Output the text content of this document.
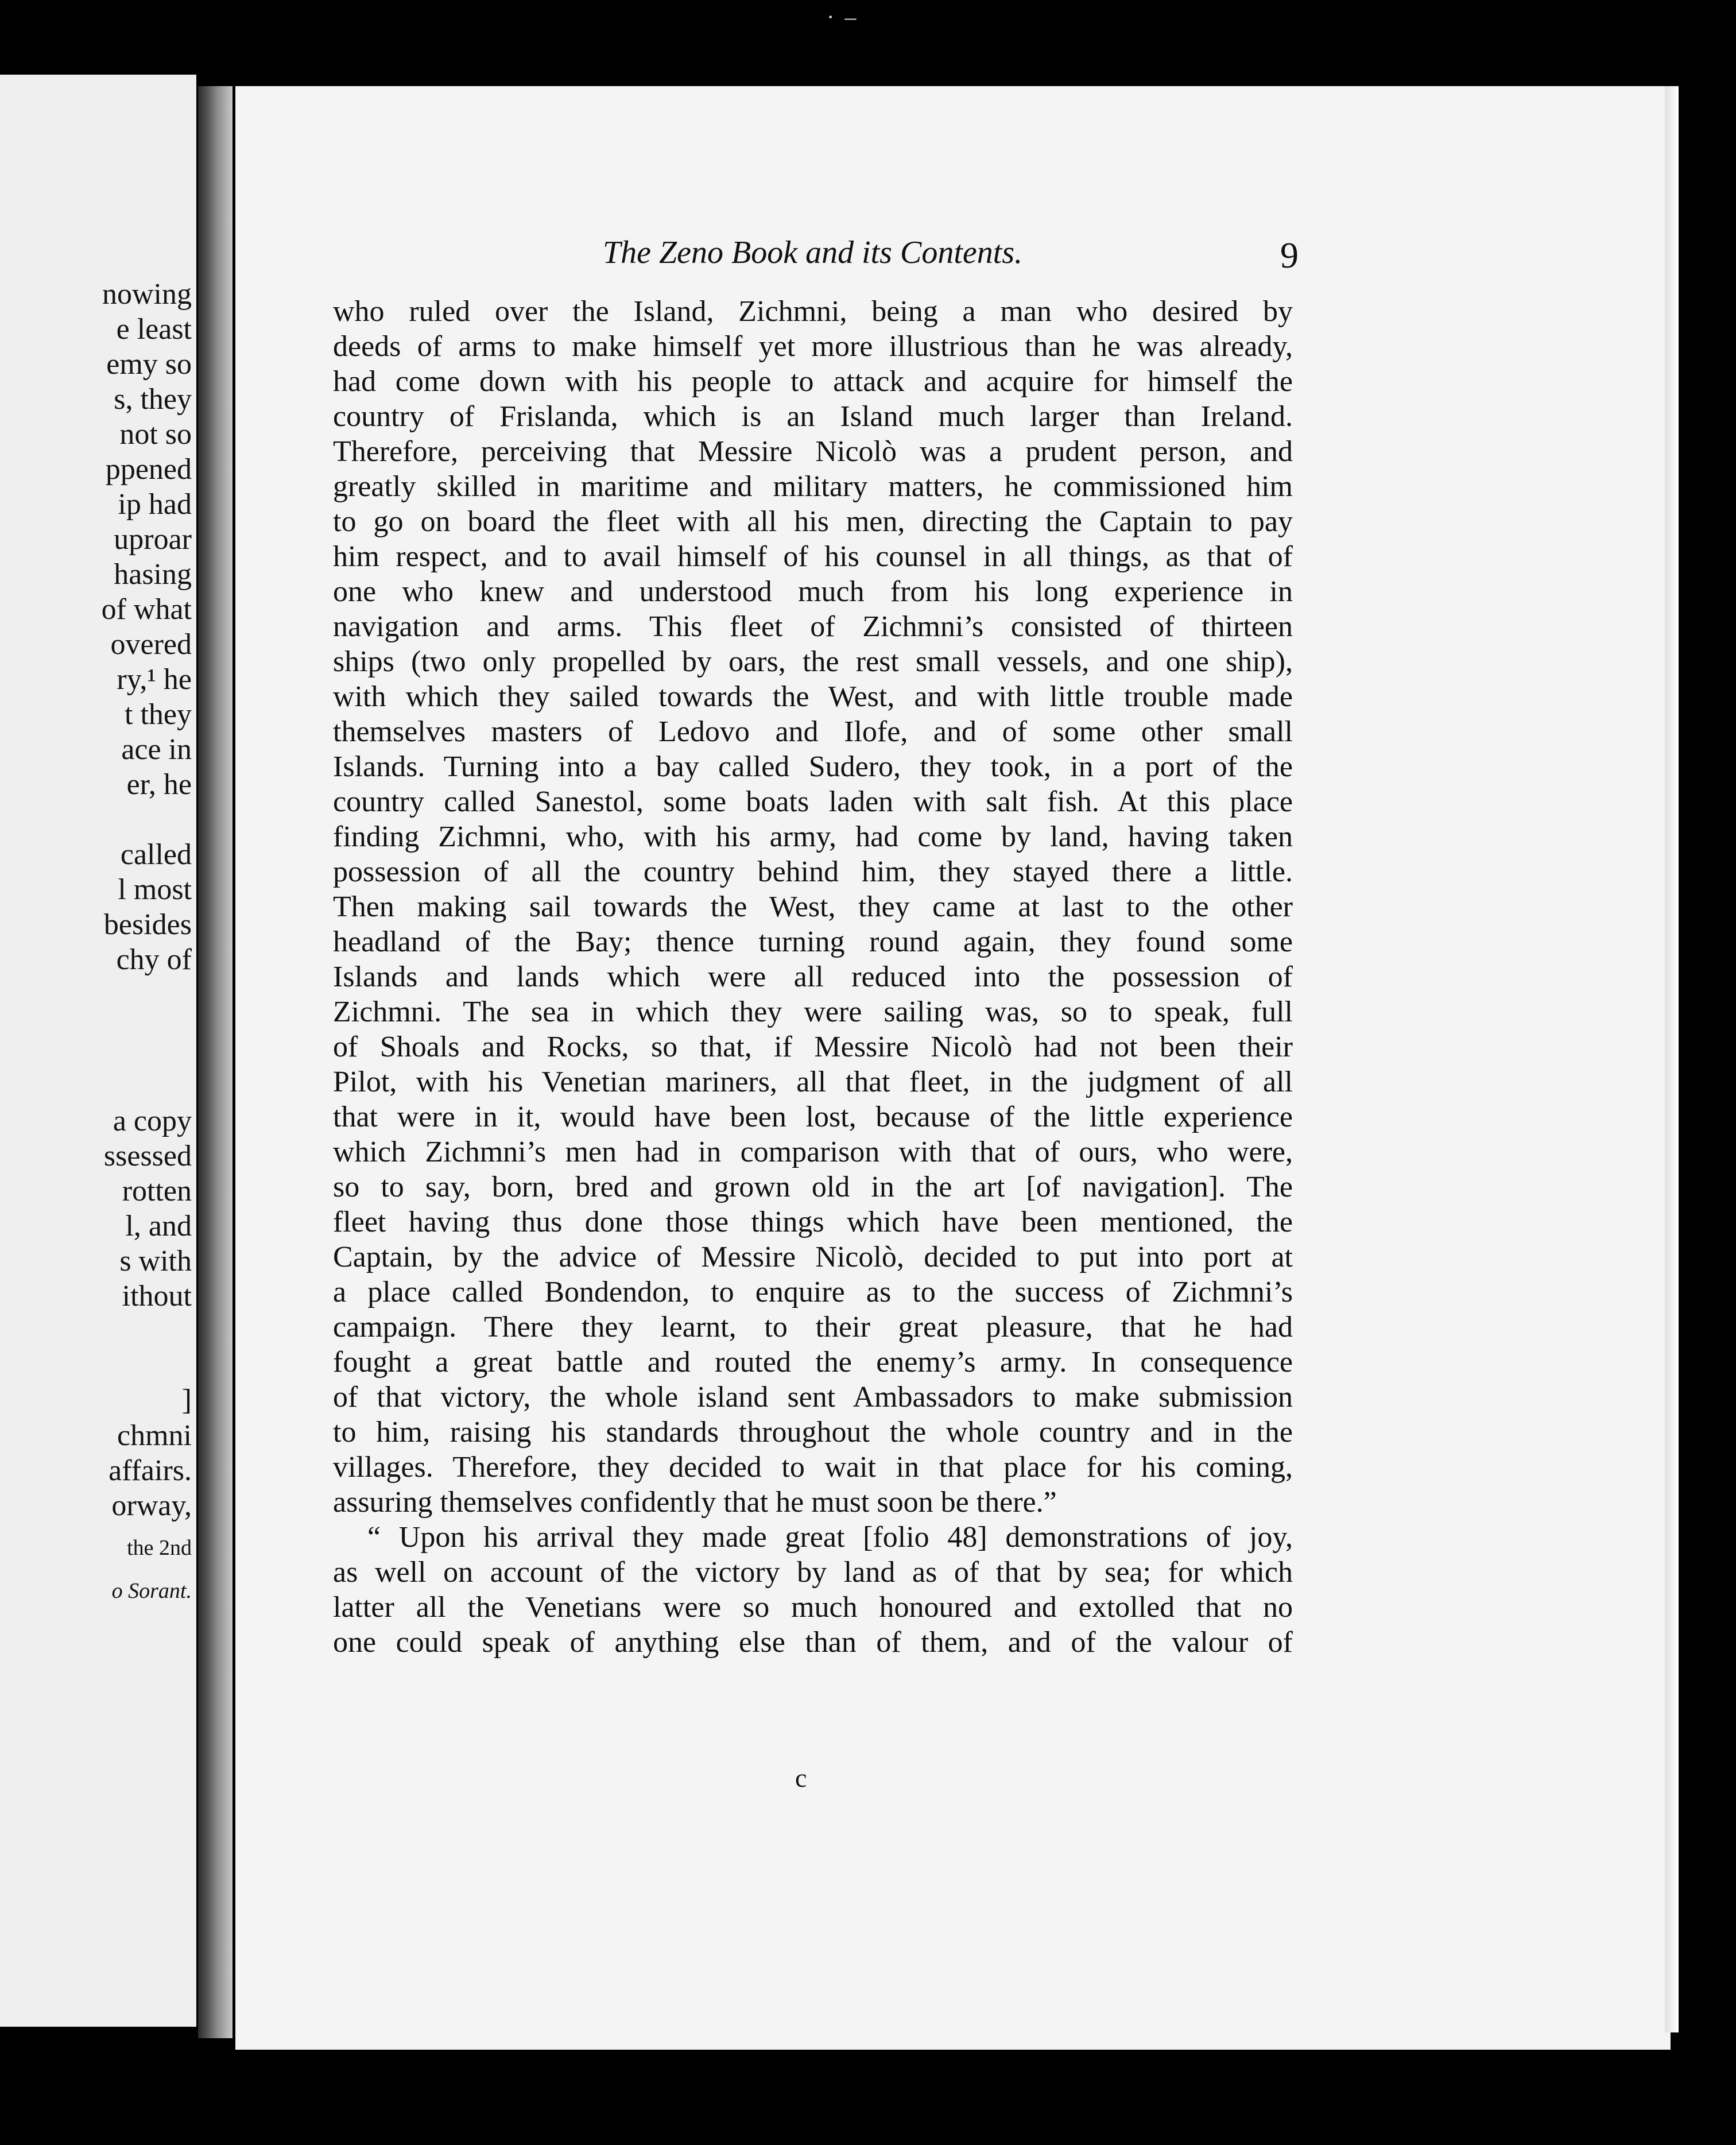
· –
nowing
e least
emy so
s, they
not so
ppened
ip had
uproar
hasing
of what
overed
ry,¹ he
t they
ace in
er, he
called
l most
besides
chy of
a copy
ssessed
rotten
l, and
s with
ithout
]
chmni
affairs.
orway,
the 2nd
o Sorant.
The Zeno Book and its Contents.	9
who ruled over the Island, Zichmni, being a man who desired by
deeds of arms to make himself yet more illustrious than he was already,
had come down with his people to attack and acquire for himself the
country of Frislanda, which is an Island much larger than Ireland.
Therefore, perceiving that Messire Nicolò was a prudent person, and
greatly skilled in maritime and military matters, he commissioned him
to go on board the fleet with all his men, directing the Captain to pay
him respect, and to avail himself of his counsel in all things, as that of
one who knew and understood much from his long experience in
navigation and arms. This fleet of Zichmni’s consisted of thirteen
ships (two only propelled by oars, the rest small vessels, and one ship),
with which they sailed towards the West, and with little trouble made
themselves masters of Ledovo and Ilofe, and of some other small
Islands. Turning into a bay called Sudero, they took, in a port of the
country called Sanestol, some boats laden with salt fish. At this place
finding Zichmni, who, with his army, had come by land, having taken
possession of all the country behind him, they stayed there a little.
Then making sail towards the West, they came at last to the other
headland of the Bay; thence turning round again, they found some
Islands and lands which were all reduced into the possession of
Zichmni. The sea in which they were sailing was, so to speak, full
of Shoals and Rocks, so that, if Messire Nicolò had not been their
Pilot, with his Venetian mariners, all that fleet, in the judgment of all
that were in it, would have been lost, because of the little experience
which Zichmni’s men had in comparison with that of ours, who were,
so to say, born, bred and grown old in the art [of navigation]. The
fleet having thus done those things which have been mentioned, the
Captain, by the advice of Messire Nicolò, decided to put into port at
a place called Bondendon, to enquire as to the success of Zichmni’s
campaign. There they learnt, to their great pleasure, that he had
fought a great battle and routed the enemy’s army. In consequence
of that victory, the whole island sent Ambassadors to make submission
to him, raising his standards throughout the whole country and in the
villages. Therefore, they decided to wait in that place for his coming,
assuring themselves confidently that he must soon be there.”
“ Upon his arrival they made great [folio 48] demonstrations of joy,
as well on account of the victory by land as of that by sea; for which
latter all the Venetians were so much honoured and extolled that no
one could speak of anything else than of them, and of the valour of
c
